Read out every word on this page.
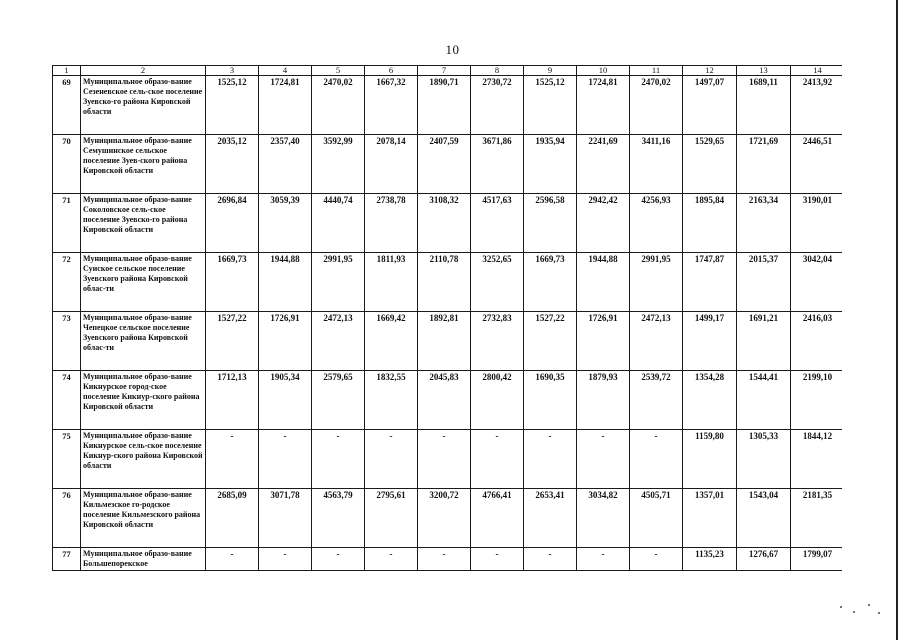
10
1	2	3	4	5	6	7	8	9	10	11	12	13	14
69	Муниципальное образо-вание Сезеневское сель-ское поселение Зуевско-го района Кировской области	1525,12	1724,81	2470,02	1667,32	1890,71	2730,72	1525,12	1724,81	2470,02	1497,07	1689,11	2413,92
70	Муниципальное образо-вание Семушинское сельское поселение Зуев-ского района Кировской области	2035,12	2357,40	3592,99	2078,14	2407,59	3671,86	1935,94	2241,69	3411,16	1529,65	1721,69	2446,51
71	Муниципальное образо-вание Соколовское сель-ское поселение Зуевско-го района Кировской области	2696,84	3059,39	4440,74	2738,78	3108,32	4517,63	2596,58	2942,42	4256,93	1895,84	2163,34	3190,01
72	Муниципальное образо-вание Суиское сельское поселение Зуевского района Кировской облас-ти	1669,73	1944,88	2991,95	1811,93	2110,78	3252,65	1669,73	1944,88	2991,95	1747,87	2015,37	3042,04
73	Муниципальное образо-вание Чепецкое сельское поселение Зуевского района Кировской облас-ти	1527,22	1726,91	2472,13	1669,42	1892,81	2732,83	1527,22	1726,91	2472,13	1499,17	1691,21	2416,03
74	Муниципальное образо-вание Кикнурское город-ское поселение Кикнур-ского района Кировской области	1712,13	1905,34	2579,65	1832,55	2045,83	2800,42	1690,35	1879,93	2539,72	1354,28	1544,41	2199,10
75	Муниципальное образо-вание Кикнурское сель-ское поселение Кикнур-ского района Кировской области	-	-	-	-	-	-	-	-	-	1159,80	1305,33	1844,12
76	Муниципальное образо-вание Кильмезское го-родское поселение Кильмезского района Кировской области	2685,09	3071,78	4563,79	2795,61	3200,72	4766,41	2653,41	3034,82	4505,71	1357,01	1543,04	2181,35
77	Муниципальное образо-вание Большепорекское	-	-	-	-	-	-	-	-	-	1135,23	1276,67	1799,07
